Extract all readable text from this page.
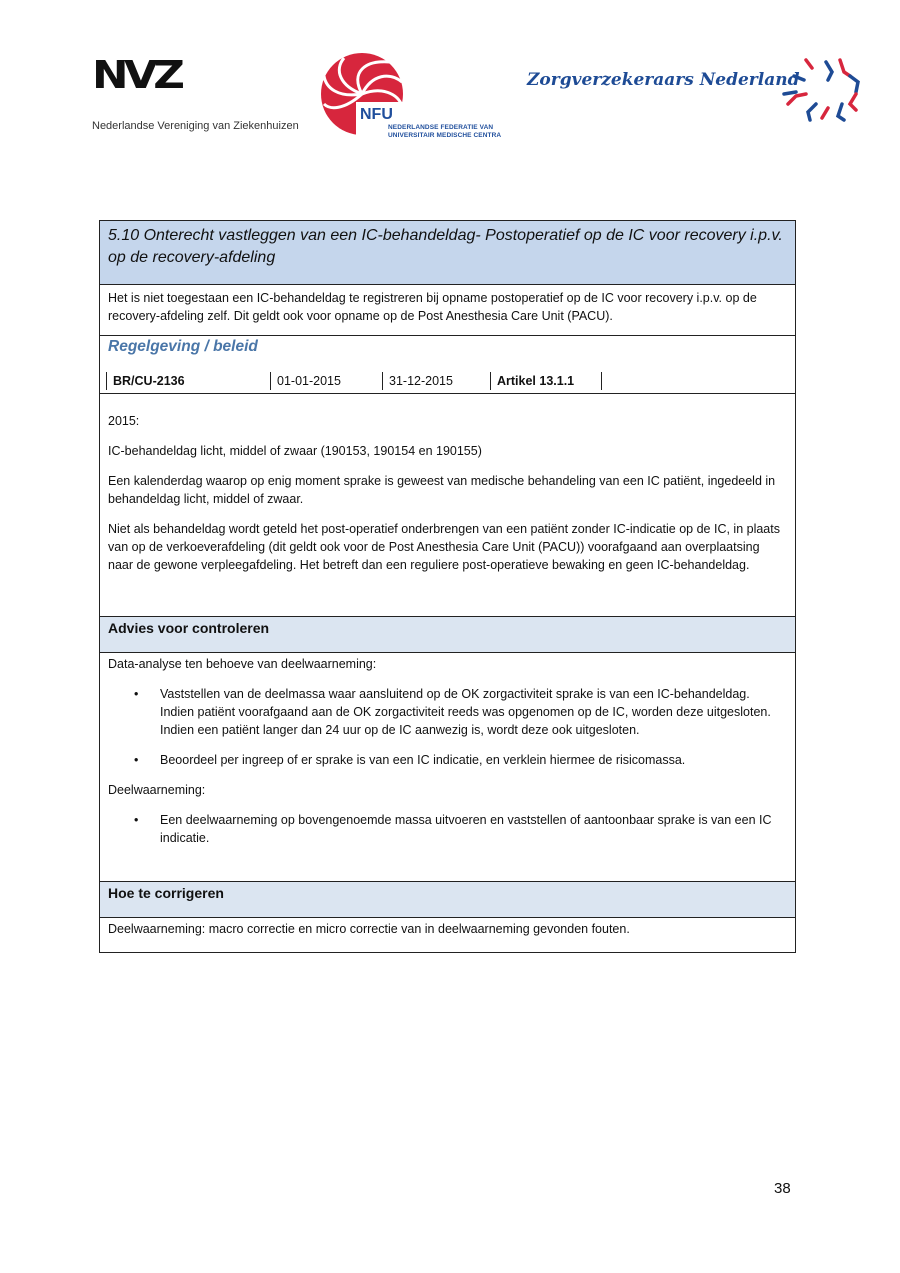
NVZ
Nederlandse Vereniging van Ziekenhuizen
NFU
NEDERLANDSE FEDERATIE VAN
UNIVERSITAIR MEDISCHE CENTRA
Zorgverzekeraars Nederland
5.10 Onterecht vastleggen van een IC-behandeldag- Postoperatief op de IC voor recovery i.p.v. op de recovery-afdeling
Het is niet toegestaan een IC-behandeldag te registreren bij opname postoperatief op de IC voor recovery i.p.v. op de recovery-afdeling zelf. Dit geldt ook voor opname op de Post Anesthesia Care Unit (PACU).
Regelgeving / beleid
BR/CU-2136	01-01-2015	31-12-2015	Artikel 13.1.1

2015:

IC-behandeldag licht, middel of zwaar (190153, 190154 en 190155)

Een kalenderdag waarop op enig moment sprake is geweest van medische behandeling van een IC patiënt, ingedeeld in behandeldag licht, middel of zwaar.

Niet als behandeldag wordt geteld het post-operatief onderbrengen van een patiënt zonder IC-indicatie op de IC, in plaats van op de verkoeverafdeling (dit geldt ook voor de Post Anesthesia Care Unit (PACU)) voorafgaand aan overplaatsing naar de gewone verpleegafdeling. Het betreft dan een reguliere post-operatieve bewaking en geen IC-behandeldag.

Advies voor controleren

Data-analyse ten behoeve van deelwaarneming:

• Vaststellen van de deelmassa waar aansluitend op de OK zorgactiviteit sprake is van een IC-behandeldag. Indien patiënt voorafgaand aan de OK zorgactiviteit reeds was opgenomen op de IC, worden deze uitgesloten. Indien een patiënt langer dan 24 uur op de IC aanwezig is, wordt deze ook uitgesloten.
• Beoordeel per ingreep of er sprake is van een IC indicatie, en verklein hiermee de risicomassa.

Deelwaarneming:

• Een deelwaarneming op bovengenoemde massa uitvoeren en vaststellen of aantoonbaar sprake is van een IC indicatie.
Hoe te corrigeren
Deelwaarneming: macro correctie en micro correctie van in deelwaarneming gevonden fouten.
38
